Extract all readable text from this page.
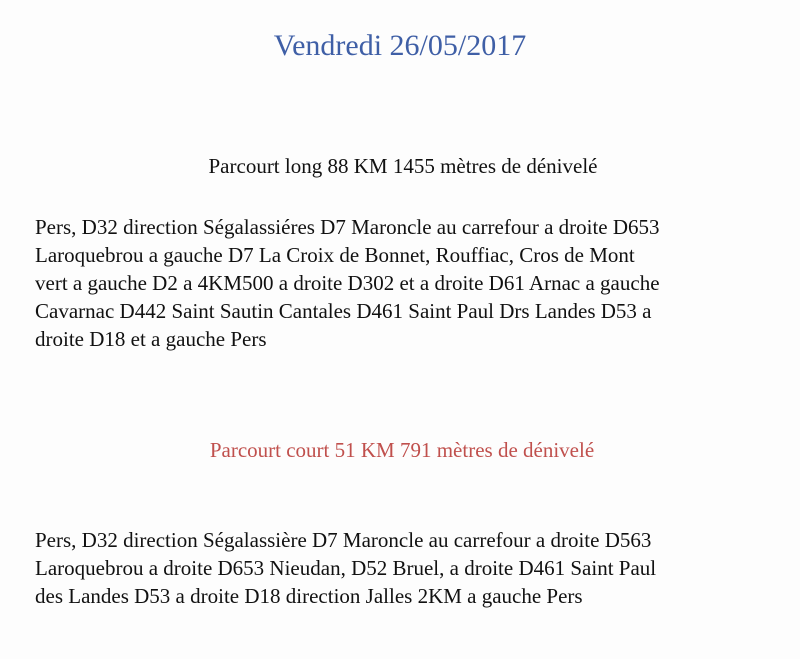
Vendredi 26/05/2017
Parcourt long 88 KM 1455 mètres de dénivelé
Pers, D32 direction Ségalassiéres D7 Maroncle au carrefour a droite D653
Laroquebrou a gauche D7 La Croix de Bonnet, Rouffiac, Cros de Mont
vert a gauche D2 a 4KM500 a droite D302 et a droite D61 Arnac a gauche
Cavarnac D442 Saint Sautin Cantales D461 Saint Paul Drs Landes D53 a
droite D18 et a gauche Pers
Parcourt court 51 KM 791 mètres de dénivelé
Pers, D32 direction Ségalassière D7 Maroncle au carrefour a droite D563
Laroquebrou a droite D653 Nieudan, D52 Bruel, a droite D461 Saint Paul
des Landes D53 a droite D18 direction Jalles 2KM a gauche Pers
